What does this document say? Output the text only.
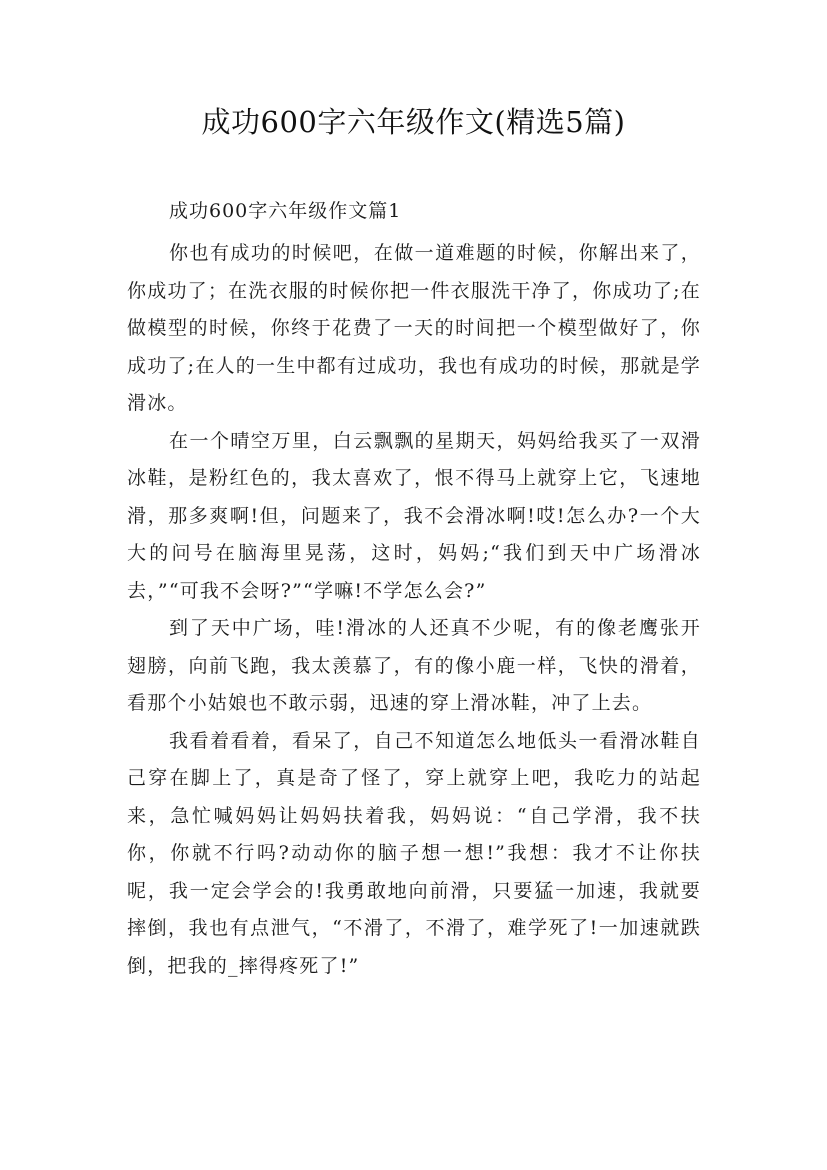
成功600字六年级作文(精选5篇)

成功600字六年级作文篇1

你也有成功的时候吧，在做一道难题的时候，你解出来了，你成功了；在洗衣服的时候你把一件衣服洗干净了，你成功了;在做模型的时候，你终于花费了一天的时间把一个模型做好了，你成功了;在人的一生中都有过成功，我也有成功的时候，那就是学滑冰。

在一个晴空万里，白云飘飘的星期天，妈妈给我买了一双滑冰鞋，是粉红色的，我太喜欢了，恨不得马上就穿上它，飞速地滑，那多爽啊!但，问题来了，我不会滑冰啊!哎!怎么办?一个大大的问号在脑海里晃荡，这时，妈妈;“我们到天中广场滑冰去，”“可我不会呀?”“学嘛!不学怎么会?”

到了天中广场，哇!滑冰的人还真不少呢，有的像老鹰张开翅膀，向前飞跑，我太羡慕了，有的像小鹿一样，飞快的滑着，看那个小姑娘也不敢示弱，迅速的穿上滑冰鞋，冲了上去。

我看着看着，看呆了，自己不知道怎么地低头一看滑冰鞋自己穿在脚上了，真是奇了怪了，穿上就穿上吧，我吃力的站起来，急忙喊妈妈让妈妈扶着我，妈妈说：“自己学滑，我不扶你，你就不行吗?动动你的脑子想一想!”我想：我才不让你扶呢，我一定会学会的!我勇敢地向前滑，只要猛一加速，我就要摔倒，我也有点泄气，“不滑了，不滑了，难学死了!一加速就跌倒，把我的_摔得疼死了!”
